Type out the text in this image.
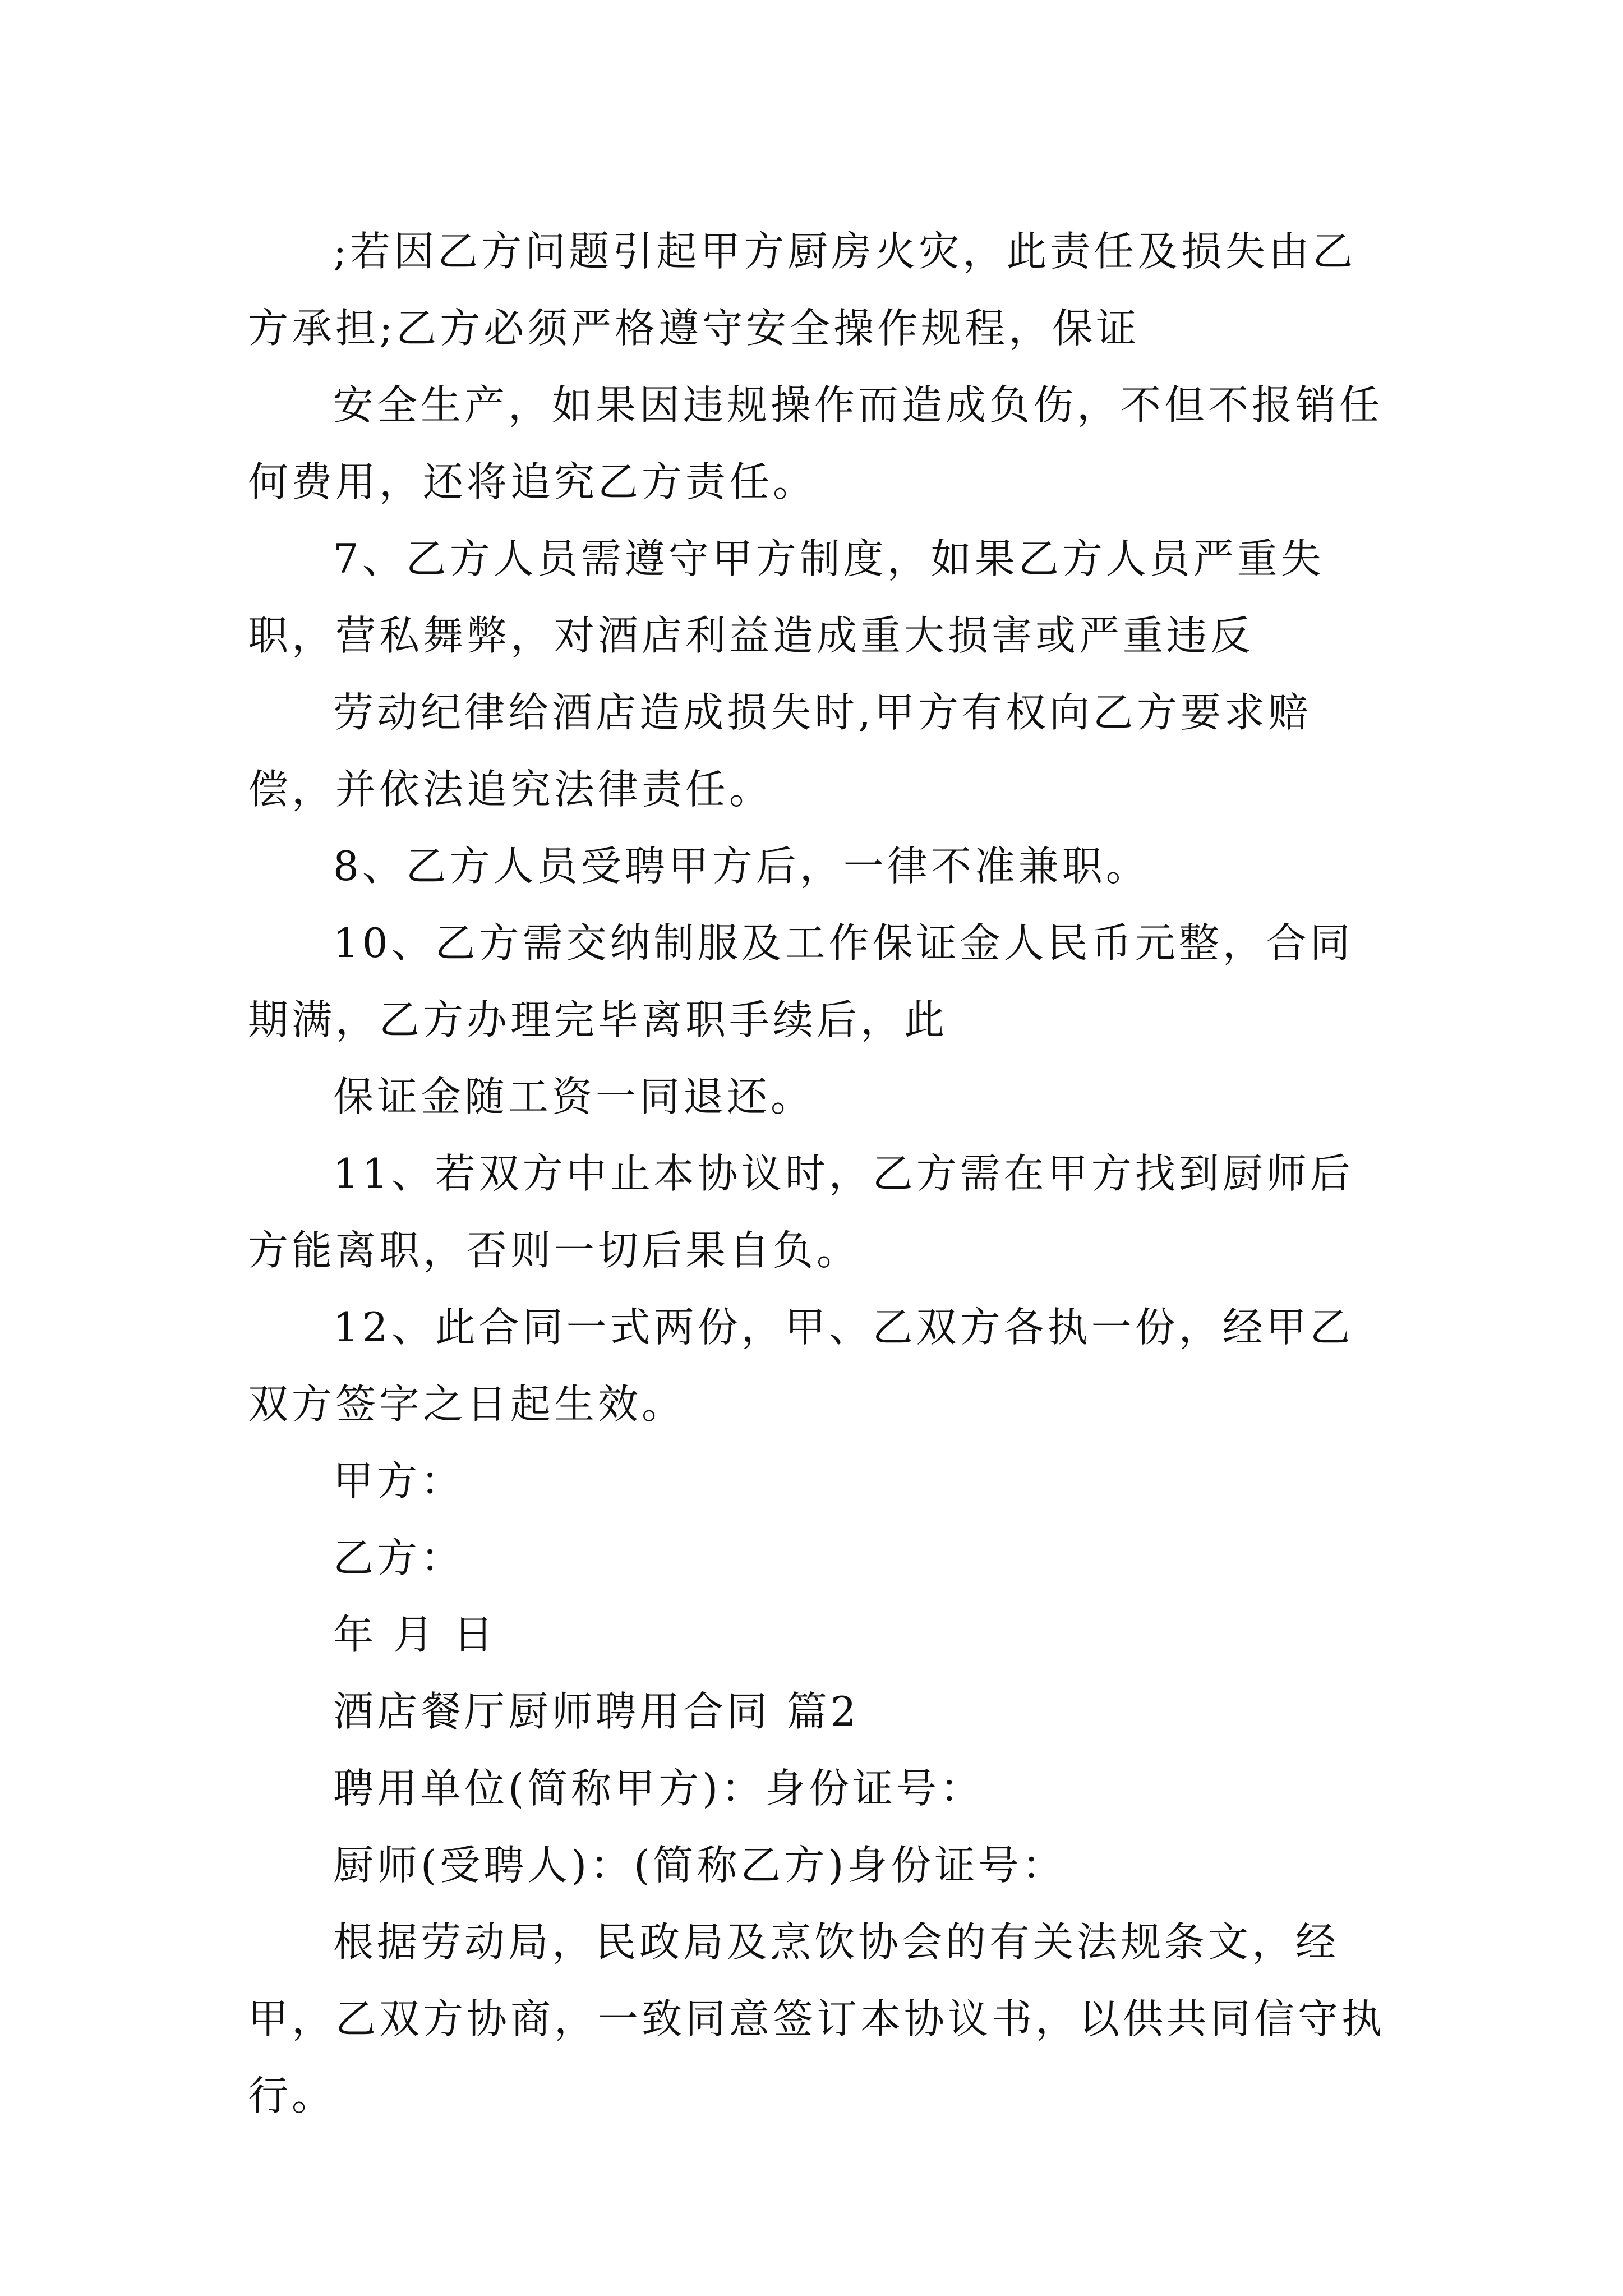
;若因乙方问题引起甲方厨房火灾，此责任及损失由乙方承担;乙方必须严格遵守安全操作规程，保证

安全生产，如果因违规操作而造成负伤，不但不报销任何费用，还将追究乙方责任。

7、乙方人员需遵守甲方制度，如果乙方人员严重失职，营私舞弊，对酒店利益造成重大损害或严重违反

劳动纪律给酒店造成损失时,甲方有权向乙方要求赔偿，并依法追究法律责任。

8、乙方人员受聘甲方后，一律不准兼职。

10、乙方需交纳制服及工作保证金人民币元整，合同期满，乙方办理完毕离职手续后，此

保证金随工资一同退还。

11、若双方中止本协议时，乙方需在甲方找到厨师后方能离职，否则一切后果自负。

12、此合同一式两份，甲、乙双方各执一份，经甲乙双方签字之日起生效。

甲方：

乙方：

年 月 日

酒店餐厅厨师聘用合同 篇2

聘用单位(简称甲方)：身份证号：

厨师(受聘人)：(简称乙方)身份证号：

根据劳动局，民政局及烹饮协会的有关法规条文，经甲，乙双方协商，一致同意签订本协议书，以供共同信守执行。
